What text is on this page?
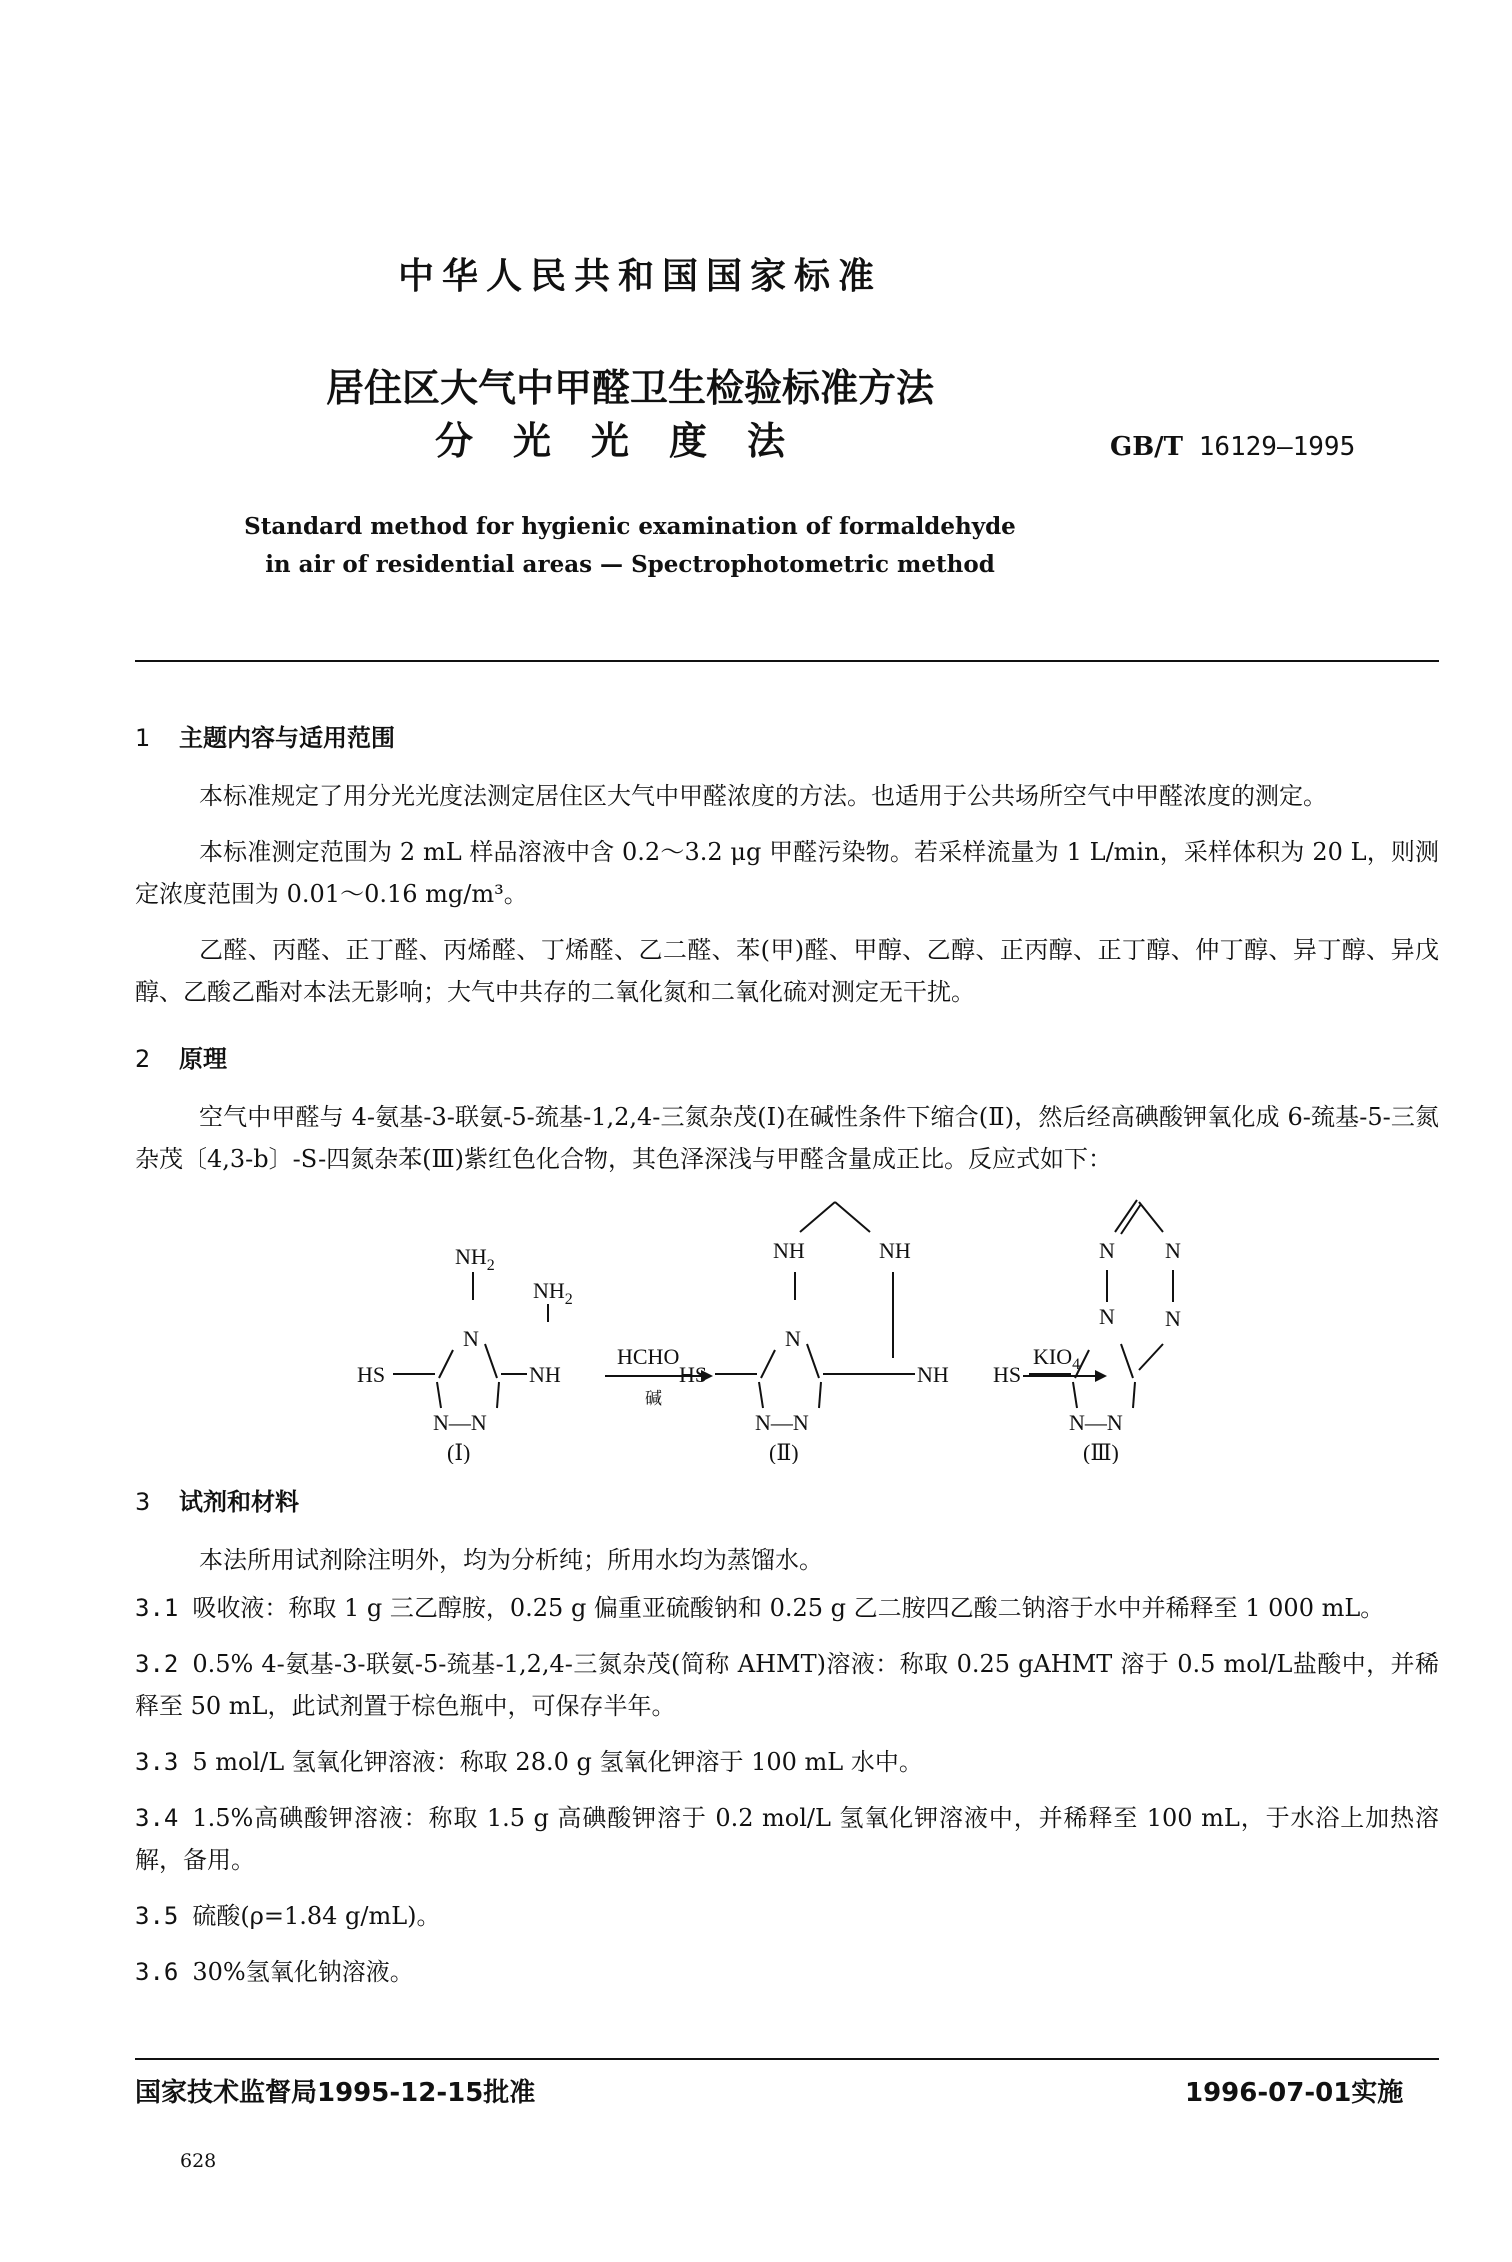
中华人民共和国国家标准
居住区大气中甲醛卫生检验标准方法
分光光度法	GB/T 16129—1995
Standard method for hygienic examination of formaldehyde
in air of residential areas — Spectrophotometric method
1 主题内容与适用范围

本标准规定了用分光光度法测定居住区大气中甲醛浓度的方法。也适用于公共场所空气中甲醛浓度的测定。

本标准测定范围为 2 mL 样品溶液中含 0.2～3.2 μg 甲醛污染物。若采样流量为 1 L/min，采样体积为 20 L，则测定浓度范围为 0.01～0.16 mg/m³。

乙醛、丙醛、正丁醛、丙烯醛、丁烯醛、乙二醛、苯(甲)醛、甲醇、乙醇、正丙醇、正丁醇、仲丁醇、异丁醇、异戊醇、乙酸乙酯对本法无影响；大气中共存的二氧化氮和二氧化硫对测定无干扰。

2 原理

空气中甲醛与 4-氨基-3-联氨-5-巯基-1,2,4-三氮杂茂(Ⅰ)在碱性条件下缩合(Ⅱ)，然后经高碘酸钾氧化成 6-巯基-5-三氮杂茂〔4,3-b〕-S-四氮杂苯(Ⅲ)紫红色化合物，其色泽深浅与甲醛含量成正比。反应式如下：

$NH_2$
$NH_2$
N
HS	NH
N—N
(Ⅰ)
HCHO
碱
NH	NH
N
HS	NH
N—N
(Ⅱ)
$KIO_4$
N N
N N
HS
N—N
(Ⅲ)
3 试剂和材料

本法所用试剂除注明外，均为分析纯；所用水均为蒸馏水。

3.1 吸收液：称取 1 g 三乙醇胺，0.25 g 偏重亚硫酸钠和 0.25 g 乙二胺四乙酸二钠溶于水中并稀释至 1 000 mL。

3.2 0.5% 4-氨基-3-联氨-5-巯基-1,2,4-三氮杂茂(简称 AHMT)溶液：称取 0.25 gAHMT 溶于 0.5 mol/L盐酸中，并稀释至 50 mL，此试剂置于棕色瓶中，可保存半年。

3.3 5 mol/L 氢氧化钾溶液：称取 28.0 g 氢氧化钾溶于 100 mL 水中。

3.4 1.5%高碘酸钾溶液：称取 1.5 g 高碘酸钾溶于 0.2 mol/L 氢氧化钾溶液中，并稀释至 100 mL，于水浴上加热溶解，备用。

3.5 硫酸(ρ=1.84 g/mL)。

3.6 30%氢氧化钠溶液。

国家技术监督局1995-12-15批准	1996-07-01实施
628
